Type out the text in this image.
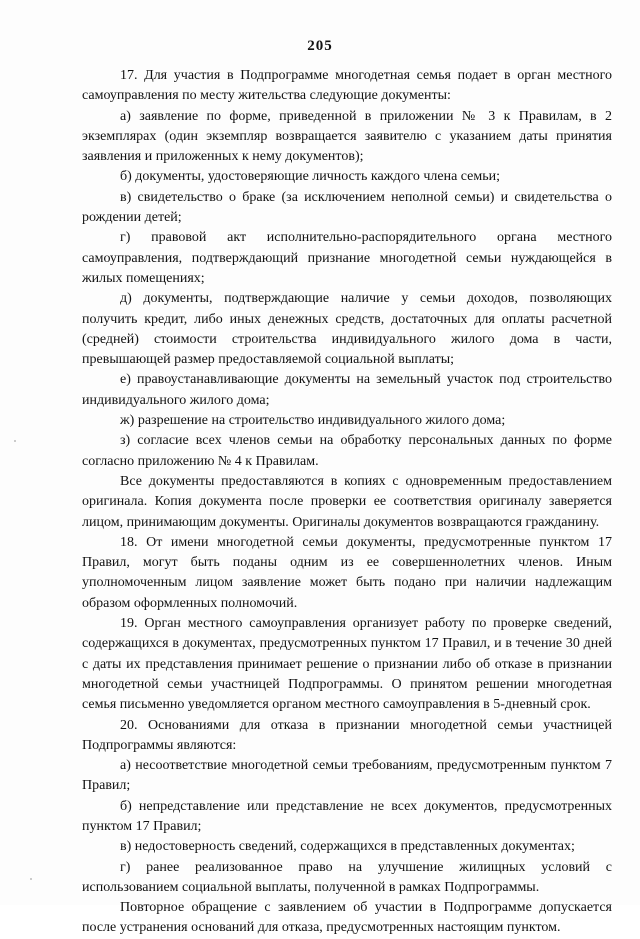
205

17. Для участия в Подпрограмме многодетная семья подает в орган местного самоуправления по месту жительства следующие документы:

а) заявление по форме, приведенной в приложении № 3 к Правилам, в 2 экземплярах (один экземпляр возвращается заявителю с указанием даты принятия заявления и приложенных к нему документов);

б) документы, удостоверяющие личность каждого члена семьи;

в) свидетельство о браке (за исключением неполной семьи) и свидетельства о рождении детей;

г) правовой акт исполнительно-распорядительного органа местного самоуправления, подтверждающий признание многодетной семьи нуждающейся в жилых помещениях;

д) документы, подтверждающие наличие у семьи доходов, позволяющих получить кредит, либо иных денежных средств, достаточных для оплаты расчетной (средней) стоимости строительства индивидуального жилого дома в части, превышающей размер предоставляемой социальной выплаты;

е) правоустанавливающие документы на земельный участок под строительство индивидуального жилого дома;

ж) разрешение на строительство индивидуального жилого дома;

з) согласие всех членов семьи на обработку персональных данных по форме согласно приложению № 4 к Правилам.

Все документы предоставляются в копиях с одновременным предоставлением оригинала. Копия документа после проверки ее соответствия оригиналу заверяется лицом, принимающим документы. Оригиналы документов возвращаются гражданину.

18. От имени многодетной семьи документы, предусмотренные пунктом 17 Правил, могут быть поданы одним из ее совершеннолетних членов. Иным уполномоченным лицом заявление может быть подано при наличии надлежащим образом оформленных полномочий.

19. Орган местного самоуправления организует работу по проверке сведений, содержащихся в документах, предусмотренных пунктом 17 Правил, и в течение 30 дней с даты их представления принимает решение о признании либо об отказе в признании многодетной семьи участницей Подпрограммы. О принятом решении многодетная семья письменно уведомляется органом местного самоуправления в 5-дневный срок.

20. Основаниями для отказа в признании многодетной семьи участницей Подпрограммы являются:

а) несоответствие многодетной семьи требованиям, предусмотренным пунктом 7 Правил;

б) непредставление или представление не всех документов, предусмотренных пунктом 17 Правил;

в) недостоверность сведений, содержащихся в представленных документах;

г) ранее реализованное право на улучшение жилищных условий с использованием социальной выплаты, полученной в рамках Подпрограммы.

Повторное обращение с заявлением об участии в Подпрограмме допускается после устранения оснований для отказа, предусмотренных настоящим пунктом.
